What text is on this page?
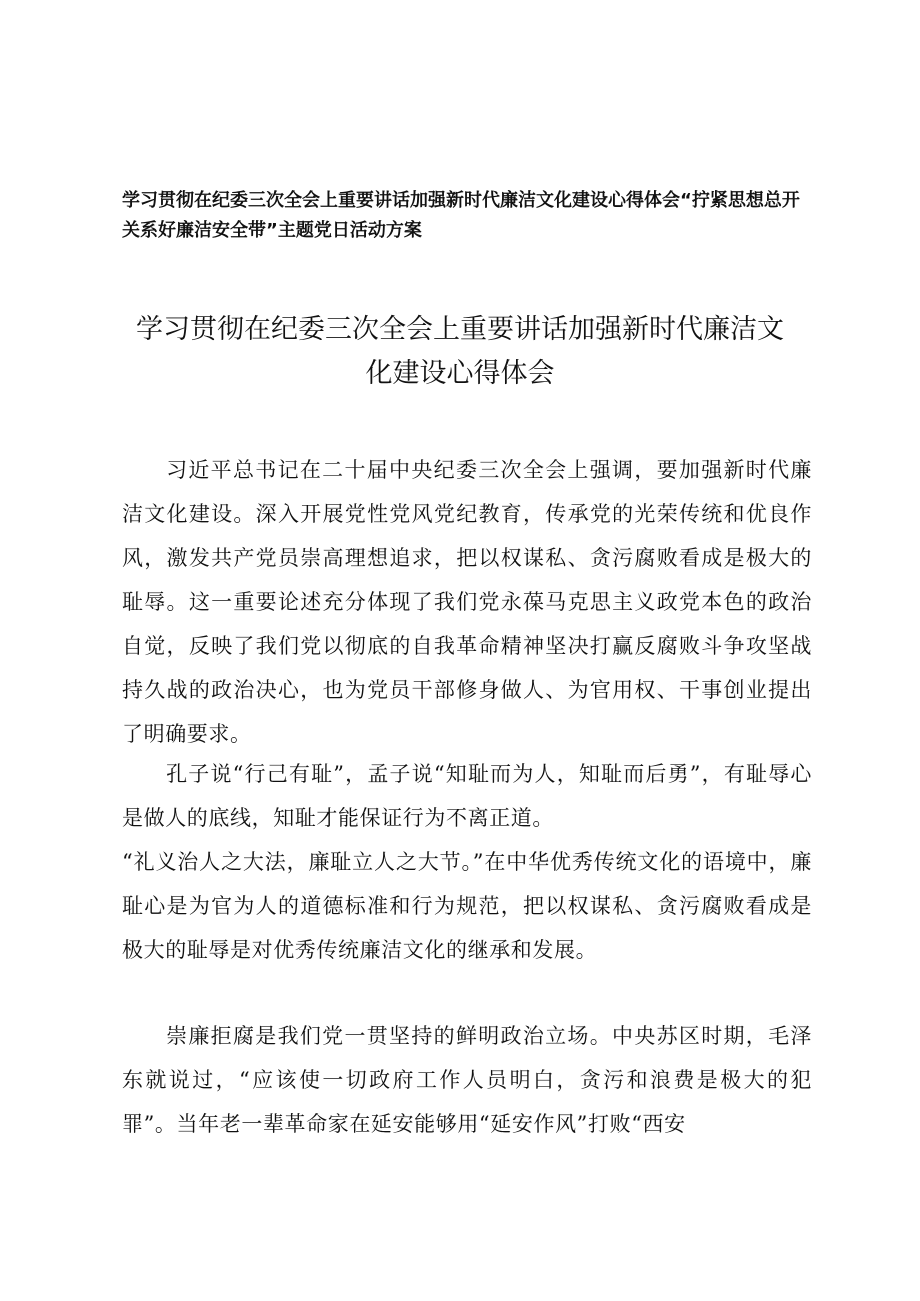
学习贯彻在纪委三次全会上重要讲话加强新时代廉洁文化建设心得体会“拧紧思想总开关系好廉洁安全带”主题党日活动方案
学习贯彻在纪委三次全会上重要讲话加强新时代廉洁文
化建设心得体会

习近平总书记在二十届中央纪委三次全会上强调，要加强新时代廉洁文化建设。深入开展党性党风党纪教育，传承党的光荣传统和优良作风，激发共产党员崇高理想追求，把以权谋私、贪污腐败看成是极大的耻辱。这一重要论述充分体现了我们党永葆马克思主义政党本色的政治自觉，反映了我们党以彻底的自我革命精神坚决打赢反腐败斗争攻坚战持久战的政治决心，也为党员干部修身做人、为官用权、干事创业提出了明确要求。

孔子说“行己有耻”，孟子说“知耻而为人，知耻而后勇”，有耻辱心是做人的底线，知耻才能保证行为不离正道。

“礼义治人之大法，廉耻立人之大节。”在中华优秀传统文化的语境中，廉耻心是为官为人的道德标准和行为规范，把以权谋私、贪污腐败看成是极大的耻辱是对优秀传统廉洁文化的继承和发展。

崇廉拒腐是我们党一贯坚持的鲜明政治立场。中央苏区时期，毛泽东就说过，“应该使一切政府工作人员明白，贪污和浪费是极大的犯罪”。当年老一辈革命家在延安能够用“延安作风”打败“西安
